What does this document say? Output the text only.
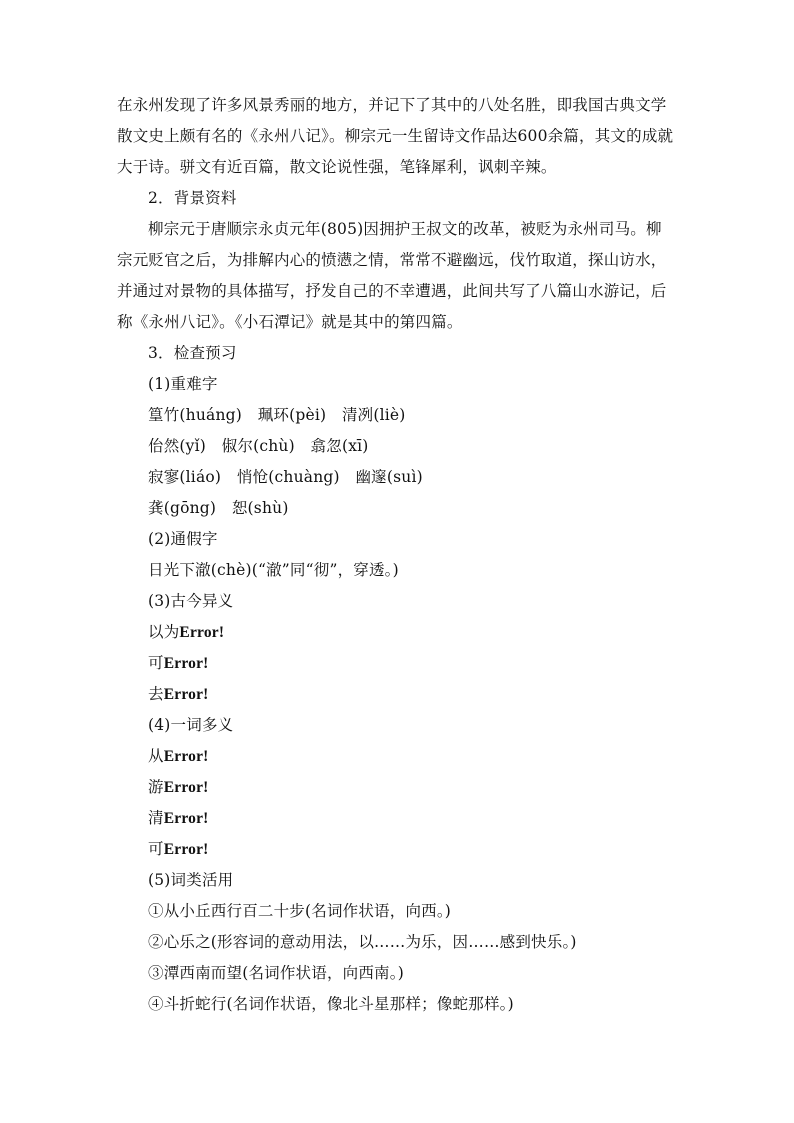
在永州发现了许多风景秀丽的地方，并记下了其中的八处名胜，即我国古典文学
散文史上颇有名的《永州八记》。柳宗元一生留诗文作品达600余篇，其文的成就
大于诗。骈文有近百篇，散文论说性强，笔锋犀利，讽刺辛辣。
2．背景资料
柳宗元于唐顺宗永贞元年(805)因拥护王叔文的改革，被贬为永州司马。柳
宗元贬官之后，为排解内心的愤懑之情，常常不避幽远，伐竹取道，探山访水，
并通过对景物的具体描写，抒发自己的不幸遭遇，此间共写了八篇山水游记，后
称《永州八记》。《小石潭记》就是其中的第四篇。
3．检查预习
(1)重难字
篁竹(huáng)　珮环(pèi)　清冽(liè)
佁然(yǐ)　俶尔(chù)　翕忽(xī)
寂寥(liáo)　悄怆(chuàng)　幽邃(suì)
龚(gōng)　恕(shù)
(2)通假字
日光下澈(chè)(“澈”同“彻”，穿透。)
(3)古今异义
以为Error!
可Error!
去Error!
(4)一词多义
从Error!
游Error!
清Error!
可Error!
(5)词类活用
①从小丘西行百二十步(名词作状语，向西。)
②心乐之(形容词的意动用法，以……为乐，因……感到快乐。)
③潭西南而望(名词作状语，向西南。)
④斗折蛇行(名词作状语，像北斗星那样；像蛇那样。)
